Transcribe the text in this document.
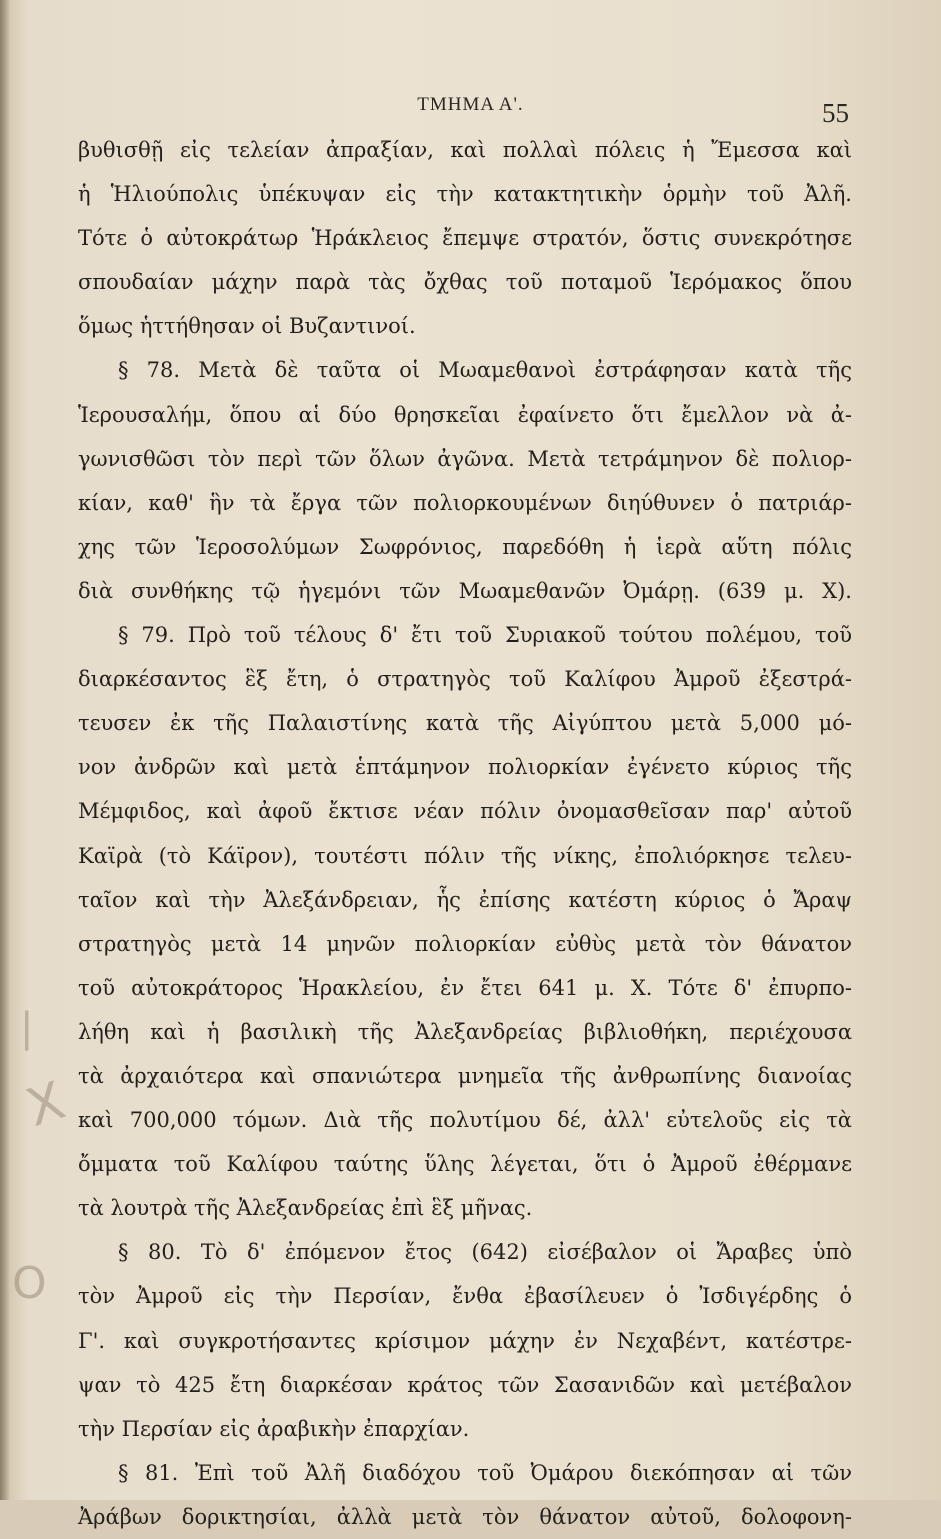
ΤΜΗΜΑ Α'.	55
|
Х
Ο
βυθισθῇ εἰς τελείαν ἀπραξίαν, καὶ πολλαὶ πόλεις ἡ Ἔμεσσα καὶ
ἡ Ἡλιούπολις ὑπέκυψαν εἰς τὴν κατακτητικὴν ὁρμὴν τοῦ Ἀλῆ.
Τότε ὁ αὐτοκράτωρ Ἡράκλειος ἔπεμψε στρατόν, ὅστις συνεκρότησε
σπουδαίαν μάχην παρὰ τὰς ὄχθας τοῦ ποταμοῦ Ἱερόμακος ὅπου
ὅμως ἡττήθησαν οἱ Βυζαντινοί.
§ 78. Μετὰ δὲ ταῦτα οἱ Μωαμεθανοὶ ἐστράφησαν κατὰ τῆς
Ἱερουσαλήμ, ὅπου αἱ δύο θρησκεῖαι ἐφαίνετο ὅτι ἔμελλον νὰ ἀ-
γωνισθῶσι τὸν περὶ τῶν ὅλων ἀγῶνα. Μετὰ τετράμηνον δὲ πολιορ-
κίαν, καθ' ἣν τὰ ἔργα τῶν πολιορκουμένων διηύθυνεν ὁ πατριάρ-
χης τῶν Ἱεροσολύμων Σωφρόνιος, παρεδόθη ἡ ἱερὰ αὕτη πόλις
διὰ συνθήκης τῷ ἡγεμόνι τῶν Μωαμεθανῶν Ὀμάρῃ. (639 μ. Χ).
§ 79. Πρὸ τοῦ τέλους δ' ἔτι τοῦ Συριακοῦ τούτου πολέμου, τοῦ
διαρκέσαντος ἓξ ἔτη, ὁ στρατηγὸς τοῦ Καλίφου Ἀμροῦ ἐξεστρά-
τευσεν ἐκ τῆς Παλαιστίνης κατὰ τῆς Αἰγύπτου μετὰ 5,000 μό-
νον ἀνδρῶν καὶ μετὰ ἑπτάμηνον πολιορκίαν ἐγένετο κύριος τῆς
Μέμφιδος, καὶ ἀφοῦ ἔκτισε νέαν πόλιν ὀνομασθεῖσαν παρ' αὐτοῦ
Καϊρὰ (τὸ Κάϊρον), τουτέστι πόλιν τῆς νίκης, ἐπολιόρκησε τελευ-
ταῖον καὶ τὴν Ἀλεξάνδρειαν, ἧς ἐπίσης κατέστη κύριος ὁ Ἄραψ
στρατηγὸς μετὰ 14 μηνῶν πολιορκίαν εὐθὺς μετὰ τὸν θάνατον
τοῦ αὐτοκράτορος Ἡρακλείου, ἐν ἔτει 641 μ. Χ. Τότε δ' ἐπυρπο-
λήθη καὶ ἡ βασιλικὴ τῆς Ἀλεξανδρείας βιβλιοθήκη, περιέχουσα
τὰ ἀρχαιότερα καὶ σπανιώτερα μνημεῖα τῆς ἀνθρωπίνης διανοίας
καὶ 700,000 τόμων. Διὰ τῆς πολυτίμου δέ, ἀλλ' εὐτελοῦς εἰς τὰ
ὄμματα τοῦ Καλίφου ταύτης ὕλης λέγεται, ὅτι ὁ Ἀμροῦ ἐθέρμανε
τὰ λουτρὰ τῆς Ἀλεξανδρείας ἐπὶ ἓξ μῆνας.
§ 80. Τὸ δ' ἐπόμενον ἔτος (642) εἰσέβαλον οἱ Ἄραβες ὑπὸ
τὸν Ἀμροῦ εἰς τὴν Περσίαν, ἔνθα ἐβασίλευεν ὁ Ἰσδιγέρδης ὁ
Γ'. καὶ συγκροτήσαντες κρίσιμον μάχην ἐν Νεχαβέντ, κατέστρε-
ψαν τὸ 425 ἔτη διαρκέσαν κράτος τῶν Σασανιδῶν καὶ μετέβαλον
τὴν Περσίαν εἰς ἀραβικὴν ἐπαρχίαν.
§ 81. Ἐπὶ τοῦ Ἀλῆ διαδόχου τοῦ Ὀμάρου διεκόπησαν αἱ τῶν
Ἀράβων δορικτησίαι, ἀλλὰ μετὰ τὸν θάνατον αὐτοῦ, δολοφονη-
